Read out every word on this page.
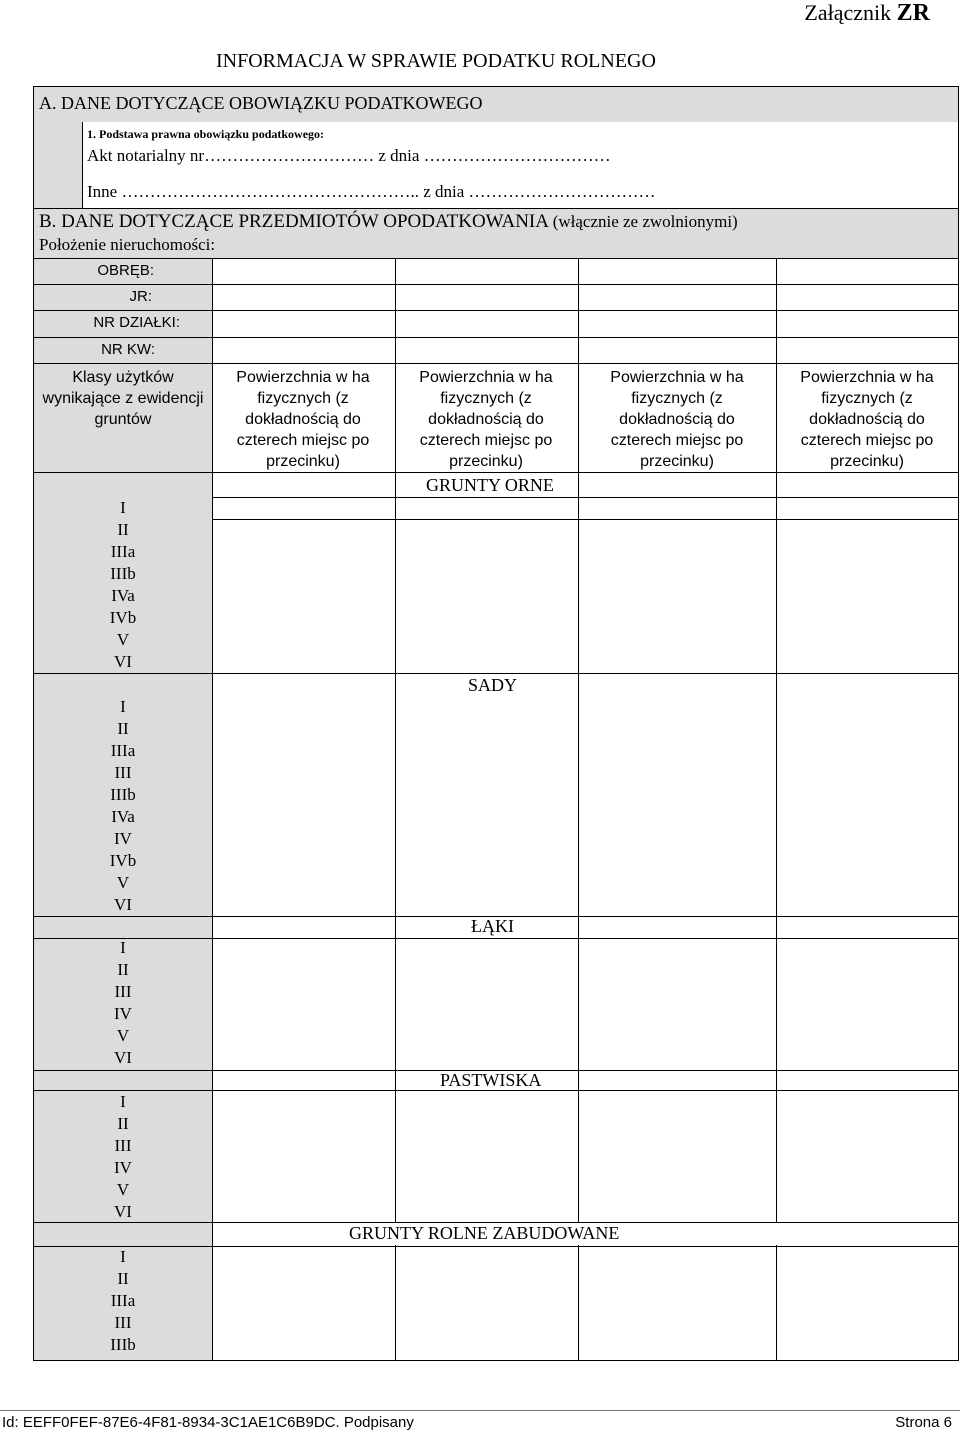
Załącznik ZR
INFORMACJA W SPRAWIE PODATKU ROLNEGO
A. DANE DOTYCZĄCE OBOWIĄZKU PODATKOWEGO
1. Podstawa prawna obowiązku podatkowego:
Akt notarialny nr………………………… z dnia ……………………………
Inne …………………………………………….. z dnia ……………………………
B. DANE DOTYCZĄCE PRZEDMIOTÓW OPODATKOWANIA (włącznie ze zwolnionymi)
Położenie nieruchomości:
OBRĘB:
JR:
NR DZIAŁKI:
NR KW:
Klasy użytków wynikające z ewidencji gruntów
Powierzchnia w ha fizycznych (z dokładnością do czterech miejsc po przecinku)
Powierzchnia w ha fizycznych (z dokładnością do czterech miejsc po przecinku)
Powierzchnia w ha fizycznych (z dokładnością do czterech miejsc po przecinku)
Powierzchnia w ha fizycznych (z dokładnością do czterech miejsc po przecinku)
GRUNTY ORNE
SADY
ŁĄKI
PASTWISKA
GRUNTY ROLNE ZABUDOWANE
I II IIIa IIIb IVa IVb V VI
I II IIIa III IIIb IVa IV IVb V VI
I II III IV V VI
I II III IV V VI
I II IIIa III IIIb
Id: EEFF0FEF-87E6-4F81-8934-3C1AE1C6B9DC. Podpisany	Strona 6
